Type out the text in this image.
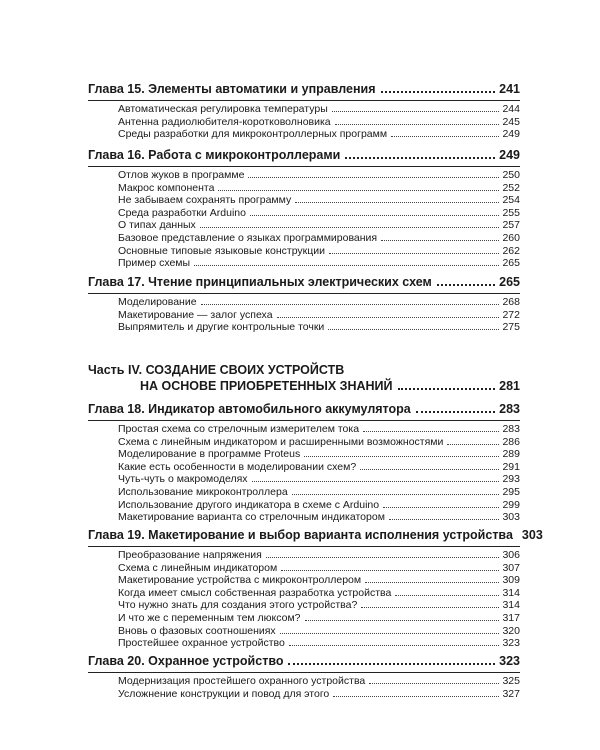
Глава 15. Элементы автоматики и управления	241
Автоматическая регулировка температуры	244
Антенна радиолюбителя-коротковолновика	245
Среды разработки для микроконтроллерных программ	249
Глава 16. Работа с микроконтроллерами	249
Отлов жуков в программе	250
Макрос компонента	252
Не забываем сохранять программу	254
Среда разработки Arduino	255
О типах данных	257
Базовое представление о языках программирования	260
Основные типовые языковые конструкции	262
Пример схемы	265
Глава 17. Чтение принципиальных электрических схем	265
Моделирование	268
Макетирование — залог успеха	272
Выпрямитель и другие контрольные точки	275
Часть IV. СОЗДАНИЕ СВОИХ УСТРОЙСТВ
НА ОСНОВЕ ПРИОБРЕТЕННЫХ ЗНАНИЙ	281
Глава 18. Индикатор автомобильного аккумулятора	283
Простая схема со стрелочным измерителем тока	283
Схема с линейным индикатором и расширенными возможностями	286
Моделирование в программе Proteus	289
Какие есть особенности в моделировании схем?	291
Чуть-чуть о макромоделях	293
Использование микроконтроллера	295
Использование другого индикатора в схеме с Arduino	299
Макетирование варианта со стрелочным индикатором	303
Глава 19. Макетирование и выбор варианта исполнения устройства 303
Преобразование напряжения	306
Схема с линейным индикатором	307
Макетирование устройства с микроконтроллером	309
Когда имеет смысл собственная разработка устройства	314
Что нужно знать для создания этого устройства?	314
И что же с переменным тем люксом?	317
Вновь о фазовых соотношениях	320
Простейшее охранное устройство	323
Глава 20. Охранное устройство	323
Модернизация простейшего охранного устройства	325
Усложнение конструкции и повод для этого	327
